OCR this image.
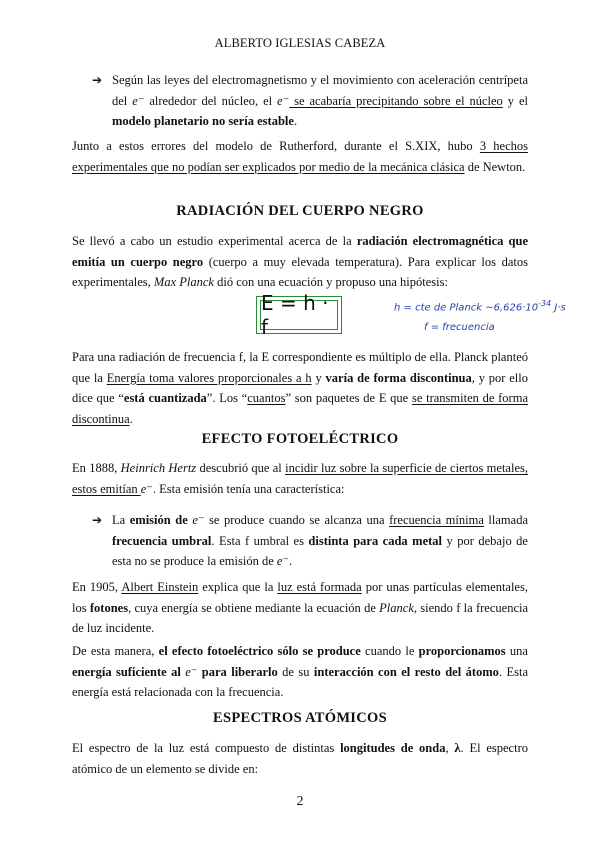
ALBERTO IGLESIAS CABEZA
➔ Según las leyes del electromagnetismo y el movimiento con aceleración centrípeta del e⁻ alrededor del núcleo, el e⁻ se acabaría precipitando sobre el núcleo y el modelo planetario no sería estable.
Junto a estos errores del modelo de Rutherford, durante el S.XIX, hubo 3 hechos experimentales que no podían ser explicados por medio de la mecánica clásica de Newton.
RADIACIÓN DEL CUERPO NEGRO
Se llevó a cabo un estudio experimental acerca de la radiación electromagnética que emitía un cuerpo negro (cuerpo a muy elevada temperatura). Para explicar los datos experimentales, Max Planck dió con una ecuación y propuso una hipótesis:
E = h · f
h = cte de Planck $\sim 6,626\cdot 10^{-34}$ J·s
f = frecuencia
Para una radiación de frecuencia f, la E correspondiente es múltiplo de ella. Planck planteó que la Energía toma valores proporcionales a h y varía de forma discontinua, y por ello dice que “está cuantizada”. Los “cuantos” son paquetes de E que se transmiten de forma discontinua.
EFECTO FOTOELÉCTRICO
En 1888, Heinrich Hertz descubrió que al incidir luz sobre la superficie de ciertos metales, estos emitían e⁻. Esta emisión tenía una característica:
➔ La emisión de e⁻ se produce cuando se alcanza una frecuencia mínima llamada frecuencia umbral. Esta f umbral es distinta para cada metal y por debajo de esta no se produce la emisión de e⁻.
En 1905, Albert Einstein explica que la luz está formada por unas partículas elementales, los fotones, cuya energía se obtiene mediante la ecuación de Planck, siendo f la frecuencia de luz incidente.
De esta manera, el efecto fotoeléctrico sólo se produce cuando le proporcionamos una energía suficiente al e⁻ para liberarlo de su interacción con el resto del átomo. Esta energía está relacionada con la frecuencia.
ESPECTROS ATÓMICOS
El espectro de la luz está compuesto de distintas longitudes de onda, λ. El espectro atómico de un elemento se divide en:
2
